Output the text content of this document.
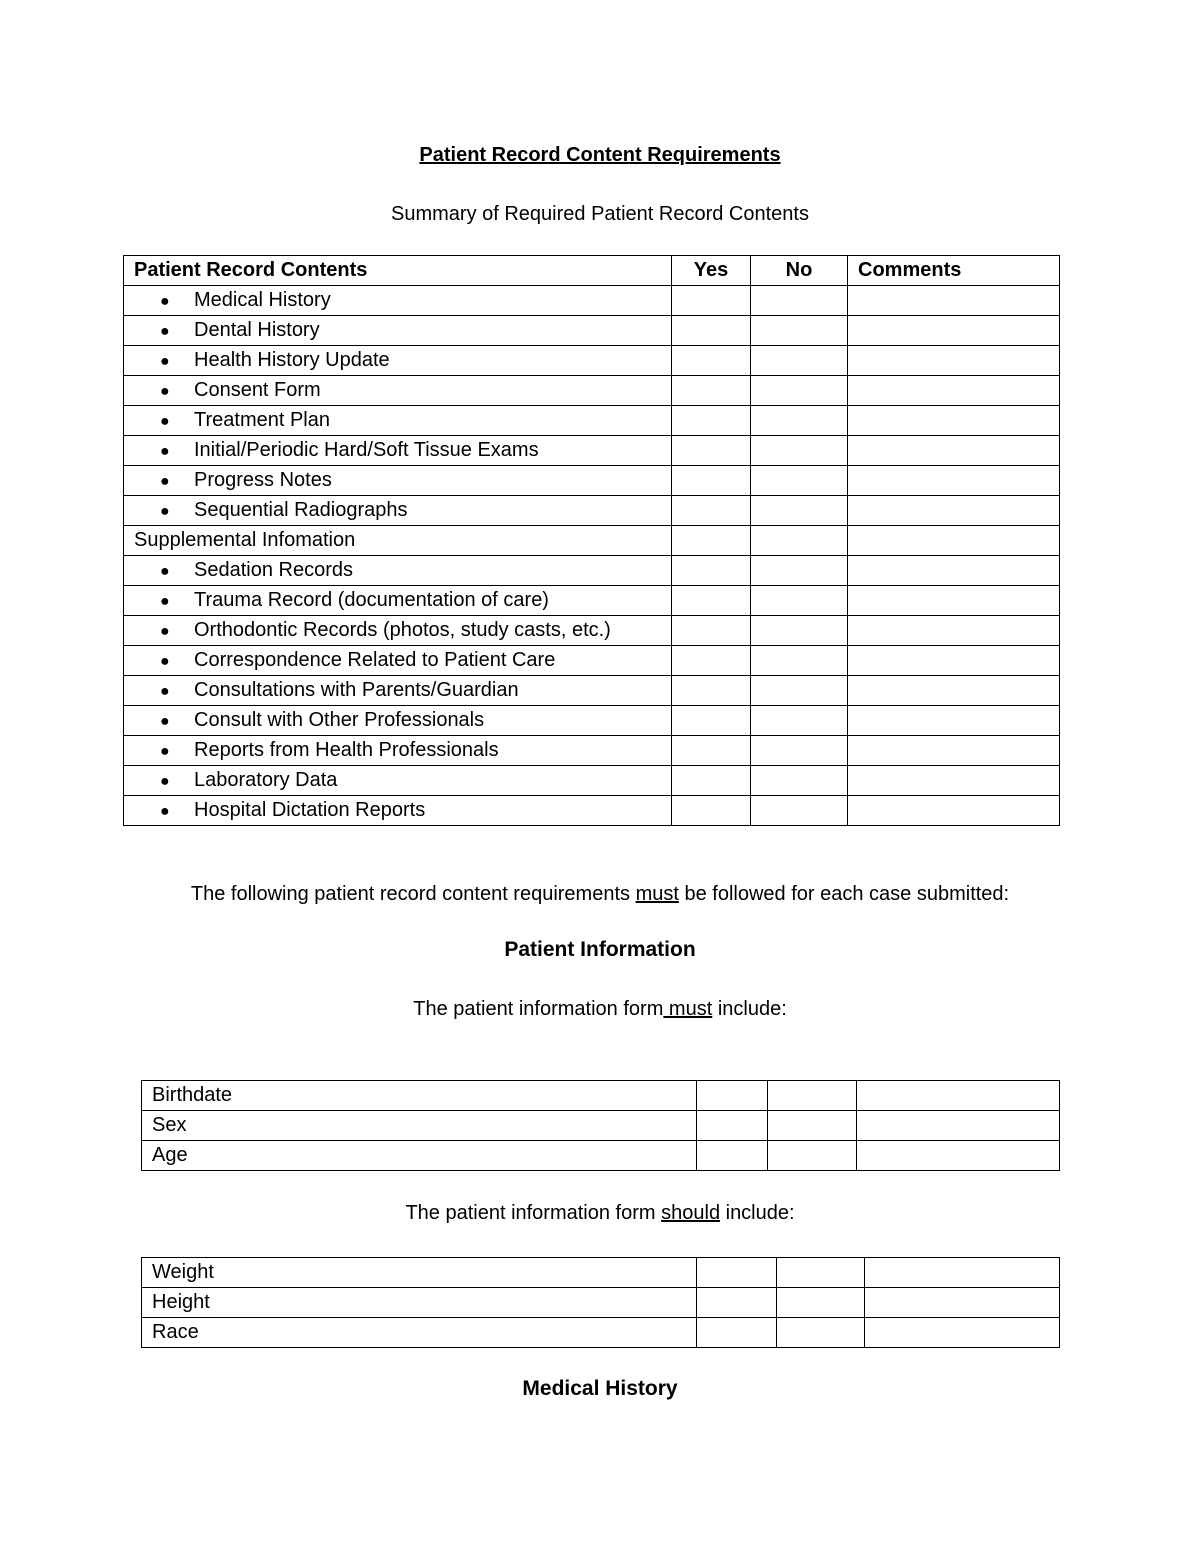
Patient Record Content Requirements
Summary of Required Patient Record Contents
Patient Record Contents	Yes	No	Comments
● Medical History			
● Dental History			
● Health History Update			
● Consent Form			
● Treatment Plan			
● Initial/Periodic Hard/Soft Tissue Exams			
● Progress Notes			
● Sequential Radiographs			
Supplemental Infomation			
● Sedation Records			
● Trauma Record (documentation of care)			
● Orthodontic Records (photos, study casts, etc.)			
● Correspondence Related to Patient Care			
● Consultations with Parents/Guardian			
● Consult with Other Professionals			
● Reports from Health Professionals			
● Laboratory Data			
● Hospital Dictation Reports			
The following patient record content requirements must be followed for each case submitted:
Patient Information
The patient information form must include:
Birthdate			
Sex			
Age			
The patient information form should include:
Weight			
Height			
Race			
Medical History
